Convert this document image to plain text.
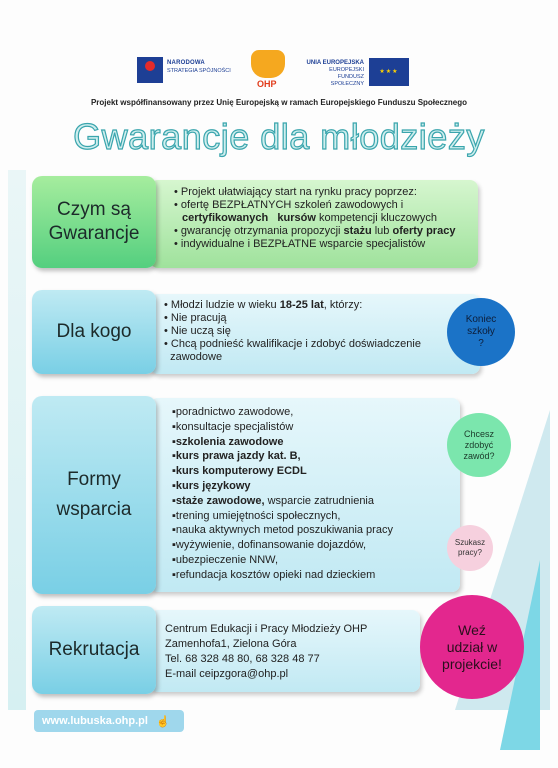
NARODOWA
STRATEGIA SPÓJNOŚCI
OHP
UNIA EUROPEJSKA
EUROPEJSKI
FUNDUSZ SPOŁECZNY
★★★
Projekt współfinansowany przez Unię Europejską w ramach Europejskiego Funduszu Społecznego
Gwarancje dla młodzieży
• Projekt ułatwiający start na rynku pracy poprzez:
• ofertę BEZPŁATNYCH szkoleń zawodowych i
certyfikowanych kursów kompetencji kluczowych
• gwarancję otrzymania propozycji stażu lub oferty pracy
• indywidualne i BEZPŁATNE wsparcie specjalistów
Czym są
Gwarancje
• Młodzi ludzie w wieku 18-25 lat, którzy:
• Nie pracują
• Nie uczą się
• Chcą podnieść kwalifikacje i zdobyć doświadczenie
zawodowe
Dla kogo
▪poradnictwo zawodowe,
▪konsultacje specjalistów
▪szkolenia zawodowe
▪kurs prawa jazdy kat. B,
▪kurs komputerowy ECDL
▪kurs językowy
▪staże zawodowe, wsparcie zatrudnienia
▪trening umiejętności społecznych,
▪nauka aktywnych metod poszukiwania pracy
▪wyżywienie, dofinansowanie dojazdów,
▪ubezpieczenie NNW,
▪refundacja kosztów opieki nad dzieckiem
Formy
wsparcia
Centrum Edukacji i Pracy Młodzieży OHP
Zamenhofa1, Zielona Góra
Tel. 68 328 48 80, 68 328 48 77
E-mail ceipzgora@ohp.pl
Rekrutacja
Koniec
szkoły
?
Chcesz
zdobyć
zawód?
Szukasz
pracy?
Weź
udział w
projekcie!
www.lubuska.ohp.pl ☝
